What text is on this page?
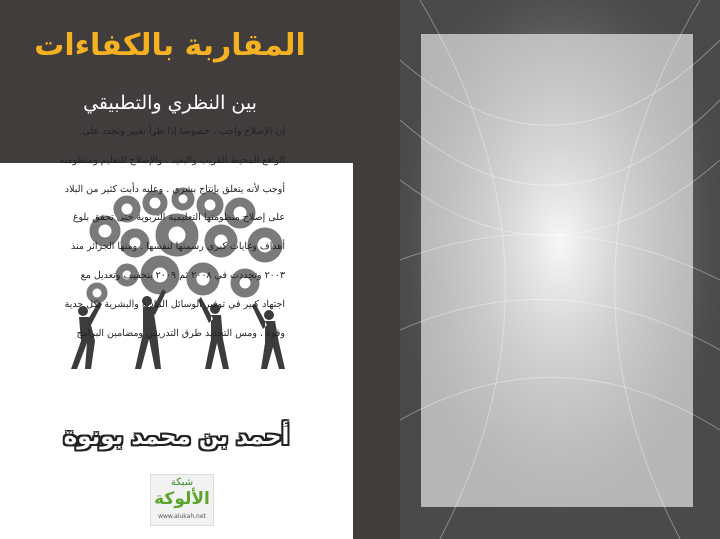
المقاربة بالكفاءات
بين النظري والتطبيقي
أحمد بن محمد بونوة
شبكة
الألوكة
www.alukah.net
إن الإصلاح واجب ، خصوصا إذا طرأ تغيير وتجدد على
الواقع المحيط القريب والبعيد . والإصلاح للتعليم ومنظومته
أوجب لأنه يتعلق بإنتاج بشري . وعليه دأبت كثير من البلاد
على إصلاح منظومتها التعليمية التربوية حتى تحقق بلوغ
أهداف وغايات كبرى رسمتها لنفسها . ومنها الجزائر منذ
٢٠٠٣ وتجددت في ٢٠٠٨ ثم ٢٠٠٩ بتخفيف وتعديل مع
اجتهاد كبير في توفير الوسائل المادية والبشرية بكل جدية
وقوة . ومس التجديد طرق التدريس ومضامين البرامج
